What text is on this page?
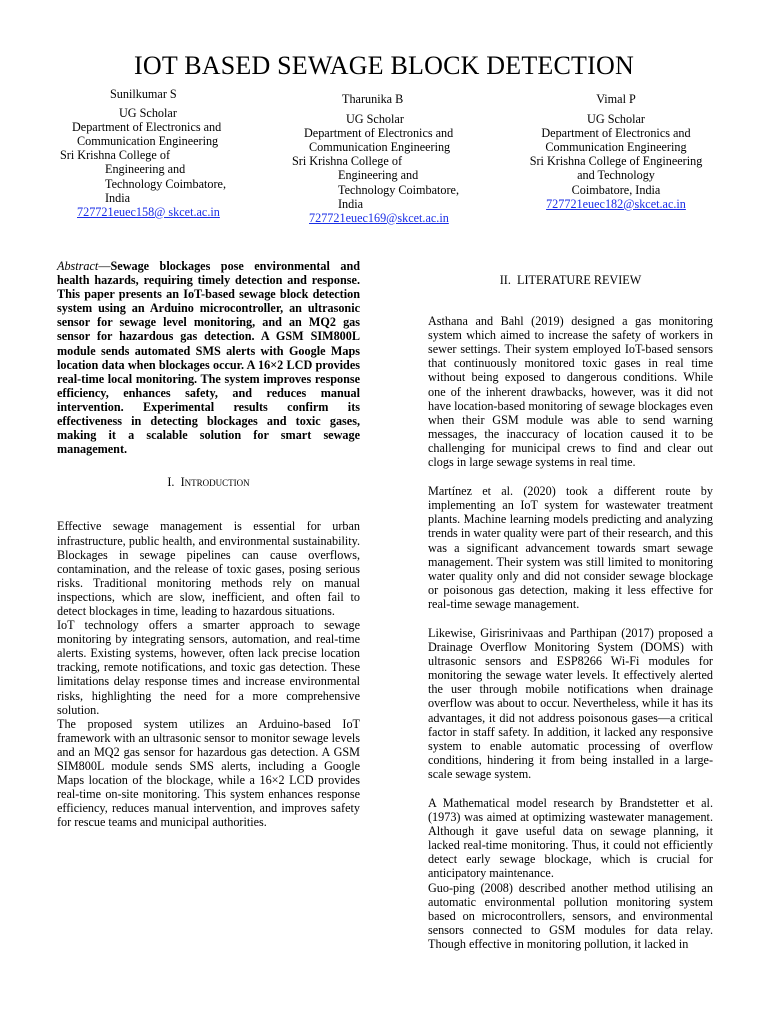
IOT BASED SEWAGE BLOCK DETECTION
Sunilkumar S
UG Scholar
Department of Electronics and
Communication Engineering
Sri Krishna College of
Engineering and
Technology Coimbatore,
India
727721euec158@ skcet.ac.in
Tharunika B
UG Scholar
Department of Electronics and
Communication Engineering
Sri Krishna College of
Engineering and
Technology Coimbatore,
India
727721euec169@skcet.ac.in
Vimal P
UG Scholar
Department of Electronics and
Communication Engineering
Sri Krishna College of Engineering
and Technology
Coimbatore, India
727721euec182@skcet.ac.in

Abstract—Sewage blockages pose environmental and health hazards, requiring timely detection and response. This paper presents an IoT-based sewage block detection system using an Arduino microcontroller, an ultrasonic sensor for sewage level monitoring, and an MQ2 gas sensor for hazardous gas detection. A GSM SIM800L module sends automated SMS alerts with Google Maps location data when blockages occur. A 16×2 LCD provides real-time local monitoring. The system improves response efficiency, enhances safety, and reduces manual intervention. Experimental results confirm its effectiveness in detecting blockages and toxic gases, making it a scalable solution for smart sewage management.

I. Introduction

Effective sewage management is essential for urban infrastructure, public health, and environmental sustainability. Blockages in sewage pipelines can cause overflows, contamination, and the release of toxic gases, posing serious risks. Traditional monitoring methods rely on manual inspections, which are slow, inefficient, and often fail to detect blockages in time, leading to hazardous situations.

IoT technology offers a smarter approach to sewage monitoring by integrating sensors, automation, and real-time alerts. Existing systems, however, often lack precise location tracking, remote notifications, and toxic gas detection. These limitations delay response times and increase environmental risks, highlighting the need for a more comprehensive solution.

The proposed system utilizes an Arduino-based IoT framework with an ultrasonic sensor to monitor sewage levels and an MQ2 gas sensor for hazardous gas detection. A GSM SIM800L module sends SMS alerts, including a Google Maps location of the blockage, while a 16×2 LCD provides real-time on-site monitoring. This system enhances response efficiency, reduces manual intervention, and improves safety for rescue teams and municipal authorities.

II. LITERATURE REVIEW

Asthana and Bahl (2019) designed a gas monitoring system which aimed to increase the safety of workers in sewer settings. Their system employed IoT-based sensors that continuously monitored toxic gases in real time without being exposed to dangerous conditions. While one of the inherent drawbacks, however, was it did not have location-based monitoring of sewage blockages even when their GSM module was able to send warning messages, the inaccuracy of location caused it to be challenging for municipal crews to find and clear out clogs in large sewage systems in real time.

Martínez et al. (2020) took a different route by implementing an IoT system for wastewater treatment plants. Machine learning models predicting and analyzing trends in water quality were part of their research, and this was a significant advancement towards smart sewage management. Their system was still limited to monitoring water quality only and did not consider sewage blockage or poisonous gas detection, making it less effective for real-time sewage management.

Likewise, Girisrinivaas and Parthipan (2017) proposed a Drainage Overflow Monitoring System (DOMS) with ultrasonic sensors and ESP8266 Wi-Fi modules for monitoring the sewage water levels. It effectively alerted the user through mobile notifications when drainage overflow was about to occur. Nevertheless, while it has its advantages, it did not address poisonous gases—a critical factor in staff safety. In addition, it lacked any responsive system to enable automatic processing of overflow conditions, hindering it from being installed in a large-scale sewage system.

A Mathematical model research by Brandstetter et al. (1973) was aimed at optimizing wastewater management. Although it gave useful data on sewage planning, it lacked real-time monitoring. Thus, it could not efficiently detect early sewage blockage, which is crucial for anticipatory maintenance.

Guo-ping (2008) described another method utilising an automatic environmental pollution monitoring system based on microcontrollers, sensors, and environmental sensors connected to GSM modules for data relay. Though effective in monitoring pollution, it lacked in
